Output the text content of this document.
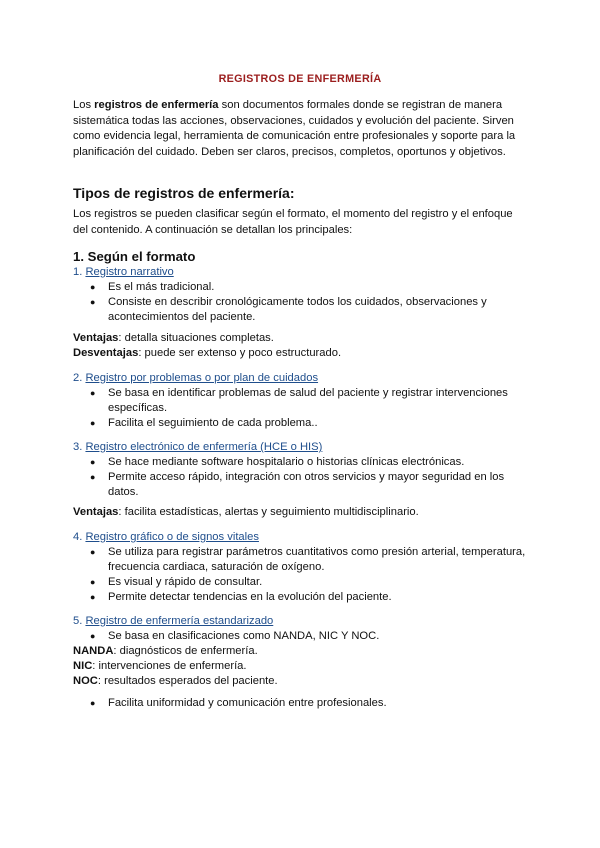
REGISTROS DE ENFERMERÍA

Los registros de enfermería son documentos formales donde se registran de manera sistemática todas las acciones, observaciones, cuidados y evolución del paciente. Sirven como evidencia legal, herramienta de comunicación entre profesionales y soporte para la planificación del cuidado. Deben ser claros, precisos, completos, oportunos y objetivos.

Tipos de registros de enfermería:

Los registros se pueden clasificar según el formato, el momento del registro y el enfoque del contenido. A continuación se detallan los principales:

1. Según el formato
1. Registro narrativo
● Es el más tradicional.
● Consiste en describir cronológicamente todos los cuidados, observaciones y acontecimientos del paciente.
Ventajas: detalla situaciones completas.
Desventajas: puede ser extenso y poco estructurado.
2. Registro por problemas o por plan de cuidados
● Se basa en identificar problemas de salud del paciente y registrar intervenciones específicas.
● Facilita el seguimiento de cada problema..
3. Registro electrónico de enfermería (HCE o HIS)
● Se hace mediante software hospitalario o historias clínicas electrónicas.
● Permite acceso rápido, integración con otros servicios y mayor seguridad en los datos.
Ventajas: facilita estadísticas, alertas y seguimiento multidisciplinario.
4. Registro gráfico o de signos vitales
● Se utiliza para registrar parámetros cuantitativos como presión arterial, temperatura, frecuencia cardiaca, saturación de oxígeno.
● Es visual y rápido de consultar.
● Permite detectar tendencias en la evolución del paciente.
5. Registro de enfermería estandarizado
● Se basa en clasificaciones como NANDA, NIC Y NOC.
NANDA: diagnósticos de enfermería.
NIC: intervenciones de enfermería.
NOC: resultados esperados del paciente.
● Facilita uniformidad y comunicación entre profesionales.
